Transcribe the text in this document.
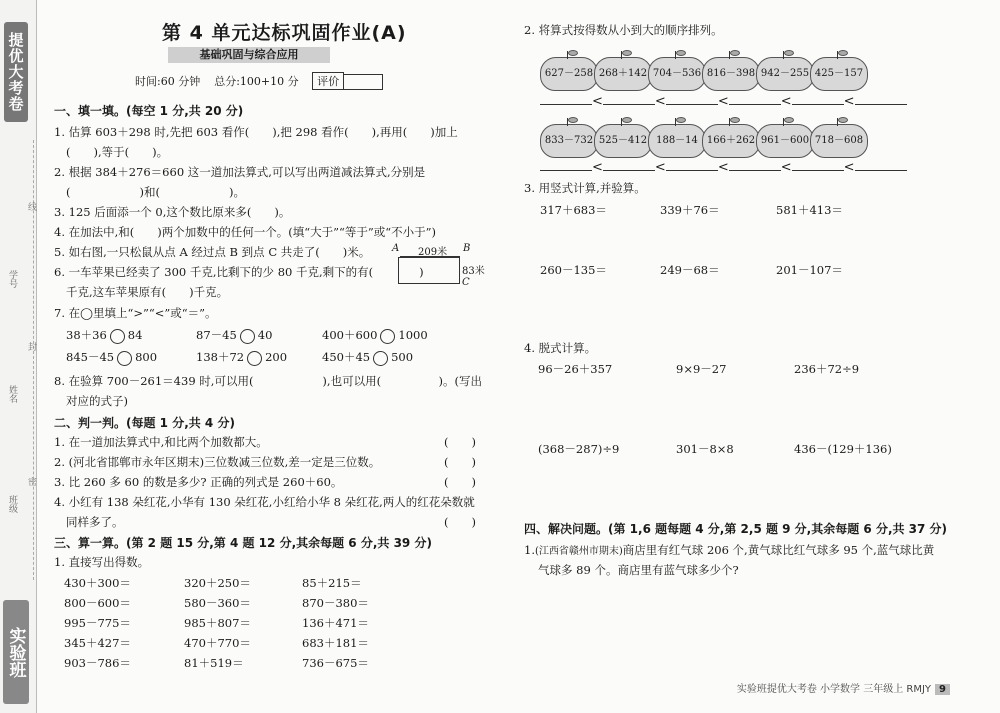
提优大考卷
班级
姓名
学号
线
封
密
实验班
第 4 单元达标巩固作业(A)
基础巩固与综合应用
时间:60 分钟 总分:100+10 分 评价
一、填一填。(每空 1 分,共 20 分)
1. 估算 603＋298 时,先把 603 看作(　　),把 298 看作(　　),再用(　　)加上
(　　),等于(　　)。
2. 根据 384＋276＝660 这一道加法算式,可以写出两道减法算式,分别是
(　　　　　　)和(　　　　　　)。
3. 125 后面添一个 0,这个数比原来多(　　)。
4. 在加法中,和(　　)两个加数中的任何一个。(填“大于”“等于”或“不小于”)
5. 如右图,一只松鼠从点 A 经过点 B 到点 C 共走了(　　)米。 A 209米 B
83米
C
6. 一车苹果已经卖了 300 千克,比剩下的少 80 千克,剩下的有(　　　　)
千克,这车苹果原有(　　)千克。
7. 在◯里填上“>”“<”或“＝”。
38＋36 84	87－45 40	400＋600 1000
845－45 800	138＋72 200	450＋45 500
8. 在验算 700－261＝439 时,可以用(　　　　　　),也可以用(　　　　　)。(写出
对应的式子)
二、判一判。(每题 1 分,共 4 分)
1. 在一道加法算式中,和比两个加数都大。	(　　)
2. (河北省邯郸市永年区期末)三位数减三位数,差一定是三位数。	(　　)
3. 比 260 多 60 的数是多少? 正确的列式是 260＋60。	(　　)
4. 小红有 138 朵红花,小华有 130 朵红花,小红给小华 8 朵红花,两人的红花朵数就
同样多了。	(　　)
三、算一算。(第 2 题 15 分,第 4 题 12 分,其余每题 6 分,共 39 分)
1. 直接写出得数。
430＋300＝	320＋250＝	85＋215＝
800－600＝	580－360＝	870－380＝
995－775＝	985＋807＝	136＋471＝
345＋427＝	470＋770＝	683＋181＝
903－786＝	81＋519＝	736－675＝
2. 将算式按得数从小到大的顺序排列。
627－258 268＋142 704－536 816－398 942－255 425－157
<	<	<	<	<
833－732 525－412 188－14 166＋262 961－600 718－608
<	<	<	<	<
3. 用竖式计算,并验算。
317＋683＝	339＋76＝	581＋413＝
260－135＝	249－68＝	201－107＝
4. 脱式计算。
96－26＋357	9×9－27	236＋72÷9
(368－287)÷9	301－8×8	436－(129＋136)
四、解决问题。(第 1,6 题每题 4 分,第 2,5 题 9 分,其余每题 6 分,共 37 分)
1.(江西省赣州市期末)商店里有红气球 206 个,黄气球比红气球多 95 个,蓝气球比黄
气球多 89 个。商店里有蓝气球多少个?
实验班提优大考卷 小学数学 三年级上 RMJY 9
